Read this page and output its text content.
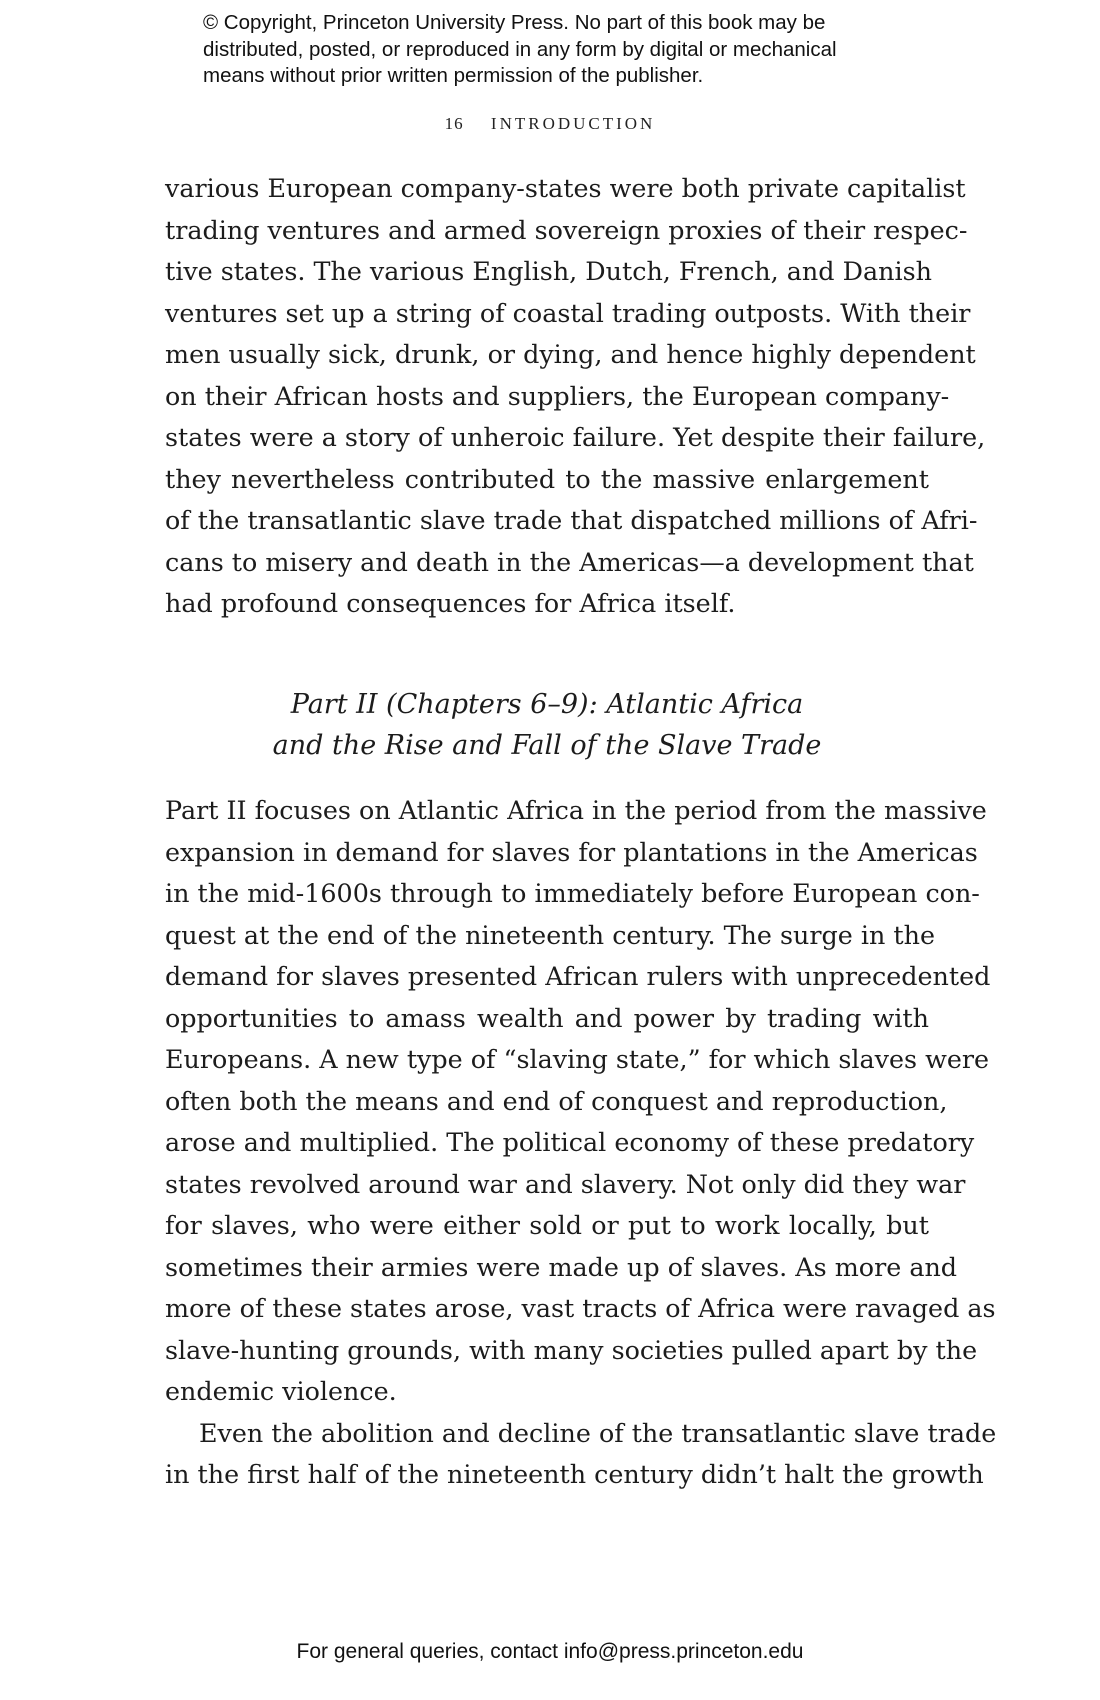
© Copyright, Princeton University Press. No part of this book may be
distributed, posted, or reproduced in any form by digital or mechanical
means without prior written permission of the publisher.
16 INTRODUCTION
various European company-states were both private capitalist
trading ventures and armed sovereign proxies of their respec-
tive states. The various English, Dutch, French, and Danish
ventures set up a string of coastal trading outposts. With their
men usually sick, drunk, or dying, and hence highly dependent
on their African hosts and suppliers, the European company-
states were a story of unheroic failure. Yet despite their failure,
they nevertheless contributed to the massive enlargement
of the transatlantic slave trade that dispatched millions of Afri-
cans to misery and death in the Americas—a development that
had profound consequences for Africa itself.
Part II (Chapters 6–9): Atlantic Africa
and the Rise and Fall of the Slave Trade
Part II focuses on Atlantic Africa in the period from the massive
expansion in demand for slaves for plantations in the Americas
in the mid-1600s through to immediately before European con-
quest at the end of the nineteenth century. The surge in the
demand for slaves presented African rulers with unprecedented
opportunities to amass wealth and power by trading with
Europeans. A new type of “slaving state,” for which slaves were
often both the means and end of conquest and reproduction,
arose and multiplied. The political economy of these predatory
states revolved around war and slavery. Not only did they war
for slaves, who were either sold or put to work locally, but
sometimes their armies were made up of slaves. As more and
more of these states arose, vast tracts of Africa were ravaged as
slave-hunting grounds, with many societies pulled apart by the
endemic violence.
Even the abolition and decline of the transatlantic slave trade
in the first half of the nineteenth century didn’t halt the growth
For general queries, contact info@press.princeton.edu
